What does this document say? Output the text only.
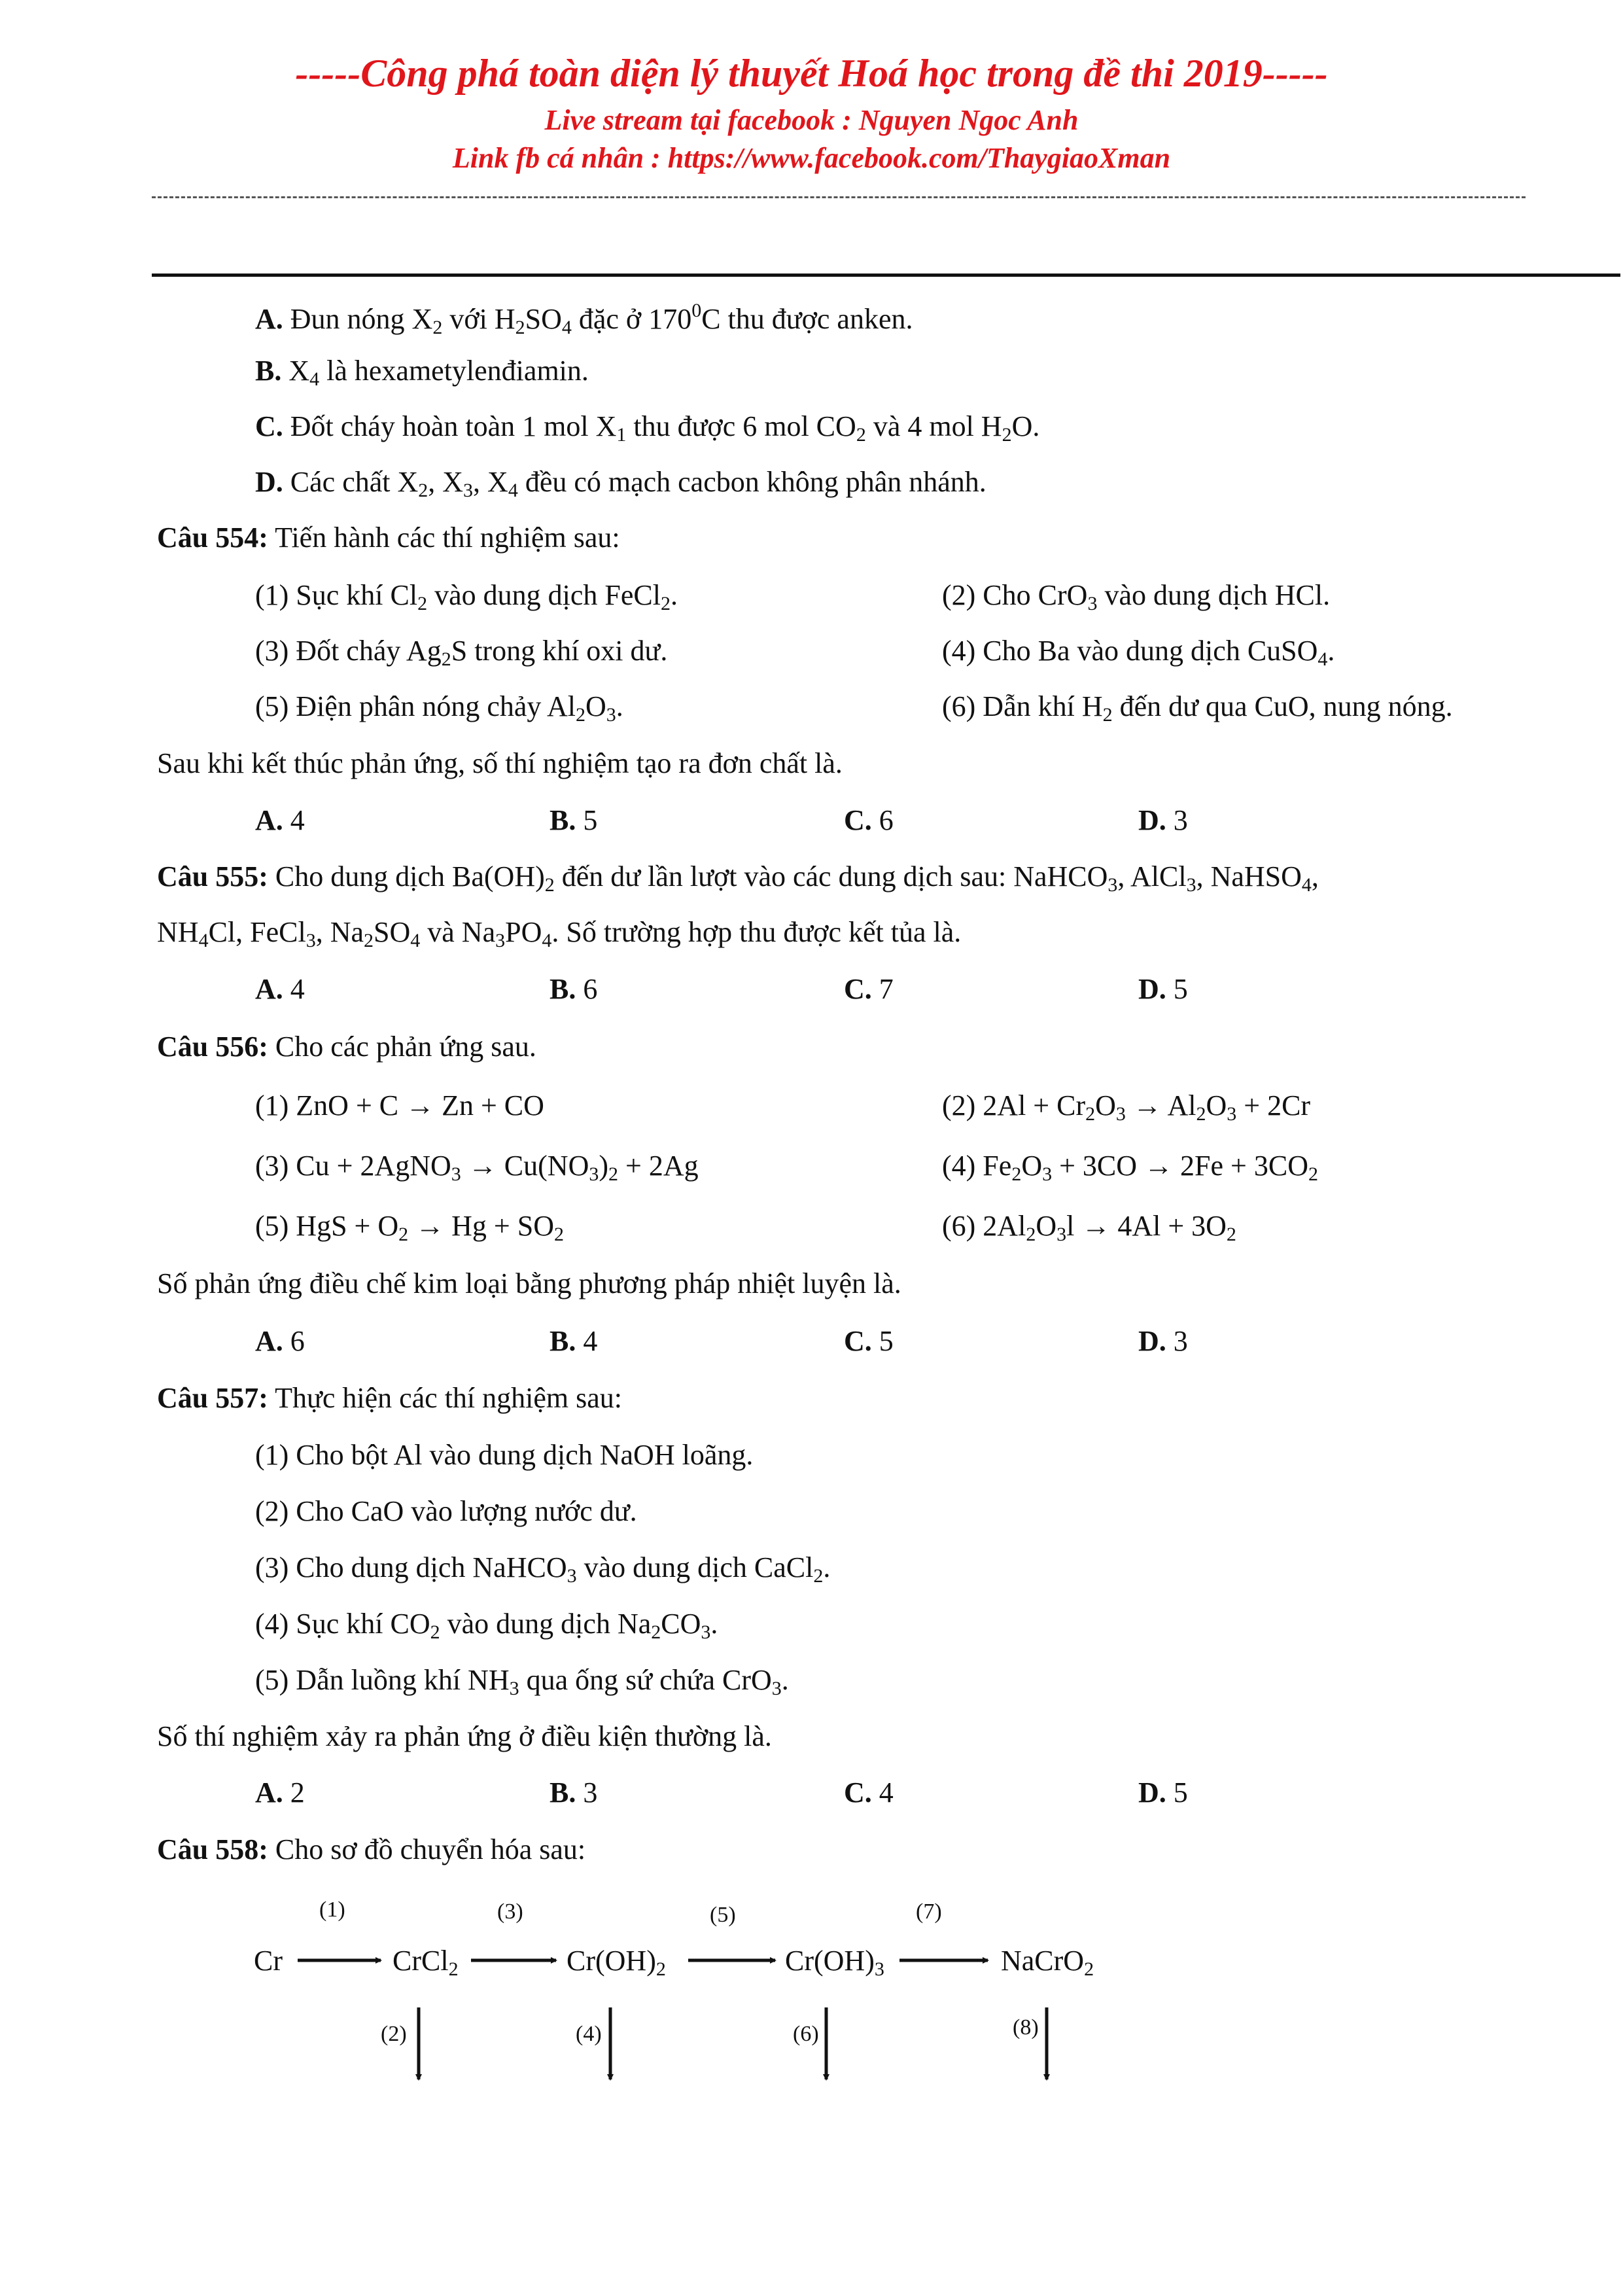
-----Công phá toàn diện lý thuyết Hoá học trong đề thi 2019-----
Live stream tại facebook : Nguyen Ngoc Anh
Link fb cá nhân : https://www.facebook.com/ThaygiaoXman
A. Đun nóng $X_2$ với $H_2SO_4$ đặc ở $170^0C$ thu được anken.
B. $X_4$ là hexametylenđiamin.
C. Đốt cháy hoàn toàn 1 mol $X_1$ thu được 6 mol $CO_2$ và 4 mol $H_2O$.
D. Các chất $X_2$, $X_3$, $X_4$ đều có mạch cacbon không phân nhánh.
Câu 554: Tiến hành các thí nghiệm sau:
(1) Sục khí $Cl_2$ vào dung dịch FeCl$_2$.	(2) Cho CrO$_3$ vào dung dịch HCl.
(3) Đốt cháy $Ag_2S$ trong khí oxi dư.	(4) Cho Ba vào dung dịch CuSO$_4$.
(5) Điện phân nóng chảy $Al_2O_3$.	(6) Dẫn khí $H_2$ đến dư qua CuO, nung nóng.
Sau khi kết thúc phản ứng, số thí nghiệm tạo ra đơn chất là.
A. 4	B. 5	C. 6	D. 3
Câu 555: Cho dung dịch $Ba(OH)_2$ đến dư lần lượt vào các dung dịch sau: NaHCO$_3$, AlCl$_3$, NaHSO$_4$,
$NH_4Cl$, FeCl$_3$, $Na_2SO_4$ và $Na_3PO_4$. Số trường hợp thu được kết tủa là.
A. 4	B. 6	C. 7	D. 5
Câu 556: Cho các phản ứng sau.
(1) ZnO + C → Zn + CO	(2) $2Al + Cr_2O_3 \to Al_2O_3 + 2Cr$
(3) Cu + 2AgNO$_3$ → $Cu(NO_3)_2 + 2Ag$	(4) $Fe_2O_3 + 3CO \to 2Fe + 3CO_2$
(5) HgS + $O_2 \to Hg + SO_2$	(6) $2Al_2O_3l \to 4Al + 3O_2$
Số phản ứng điều chế kim loại bằng phương pháp nhiệt luyện là.
A. 6	B. 4	C. 5	D. 3
Câu 557: Thực hiện các thí nghiệm sau:
(1) Cho bột Al vào dung dịch NaOH loãng.
(2) Cho CaO vào lượng nước dư.
(3) Cho dung dịch NaHCO$_3$ vào dung dịch CaCl$_2$.
(4) Sục khí $CO_2$ vào dung dịch $Na_2CO_3$.
(5) Dẫn luồng khí $NH_3$ qua ống sứ chứa CrO$_3$.
Số thí nghiệm xảy ra phản ứng ở điều kiện thường là.
A. 2	B. 3	C. 4	D. 5
Câu 558: Cho sơ đồ chuyển hóa sau:
Cr	CrCl$_2$	$Cr(OH)_2$	$Cr(OH)_3$	NaCrO$_2$
(1)	(3)	(5)	(7)
(2)	(4)	(6)	(8)
